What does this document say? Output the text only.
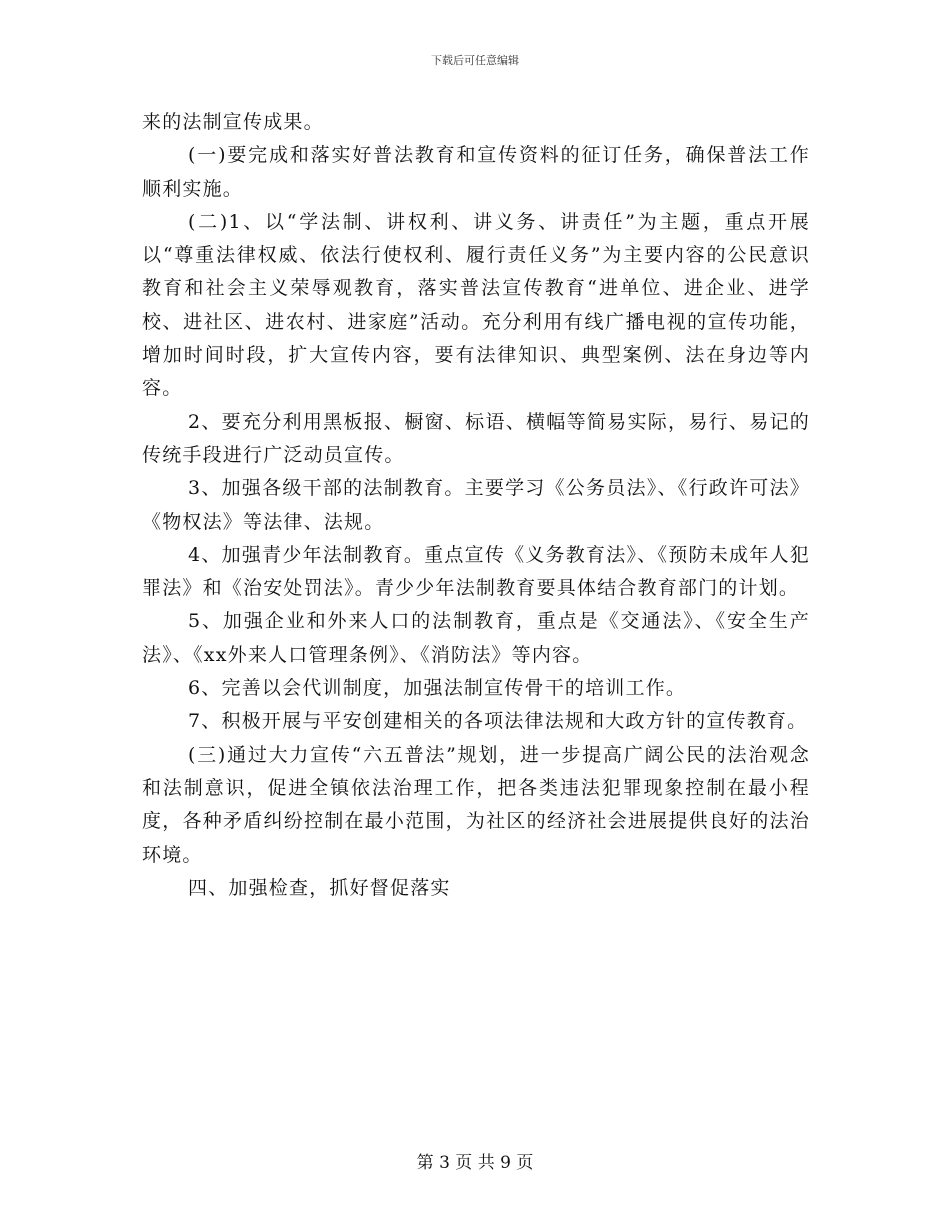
下载后可任意编辑

来的法制宣传成果。

(一)要完成和落实好普法教育和宣传资料的征订任务，确保普法工作顺利实施。

(二)1、以“学法制、讲权利、讲义务、讲责任”为主题，重点开展以“尊重法律权威、依法行使权利、履行责任义务”为主要内容的公民意识教育和社会主义荣辱观教育，落实普法宣传教育“进单位、进企业、进学校、进社区、进农村、进家庭”活动。充分利用有线广播电视的宣传功能，增加时间时段，扩大宣传内容，要有法律知识、典型案例、法在身边等内容。

2、要充分利用黑板报、橱窗、标语、横幅等简易实际，易行、易记的传统手段进行广泛动员宣传。

3、加强各级干部的法制教育。主要学习《公务员法》、《行政许可法》《物权法》等法律、法规。

4、加强青少年法制教育。重点宣传《义务教育法》、《预防未成年人犯罪法》和《治安处罚法》。青少少年法制教育要具体结合教育部门的计划。

5、加强企业和外来人口的法制教育，重点是《交通法》、《安全生产法》、《xx外来人口管理条例》、《消防法》等内容。

6、完善以会代训制度，加强法制宣传骨干的培训工作。

7、积极开展与平安创建相关的各项法律法规和大政方针的宣传教育。

(三)通过大力宣传“六五普法”规划，进一步提高广阔公民的法治观念和法制意识，促进全镇依法治理工作，把各类违法犯罪现象控制在最小程度，各种矛盾纠纷控制在最小范围，为社区的经济社会进展提供良好的法治环境。

四、加强检查，抓好督促落实

第 3 页 共 9 页
